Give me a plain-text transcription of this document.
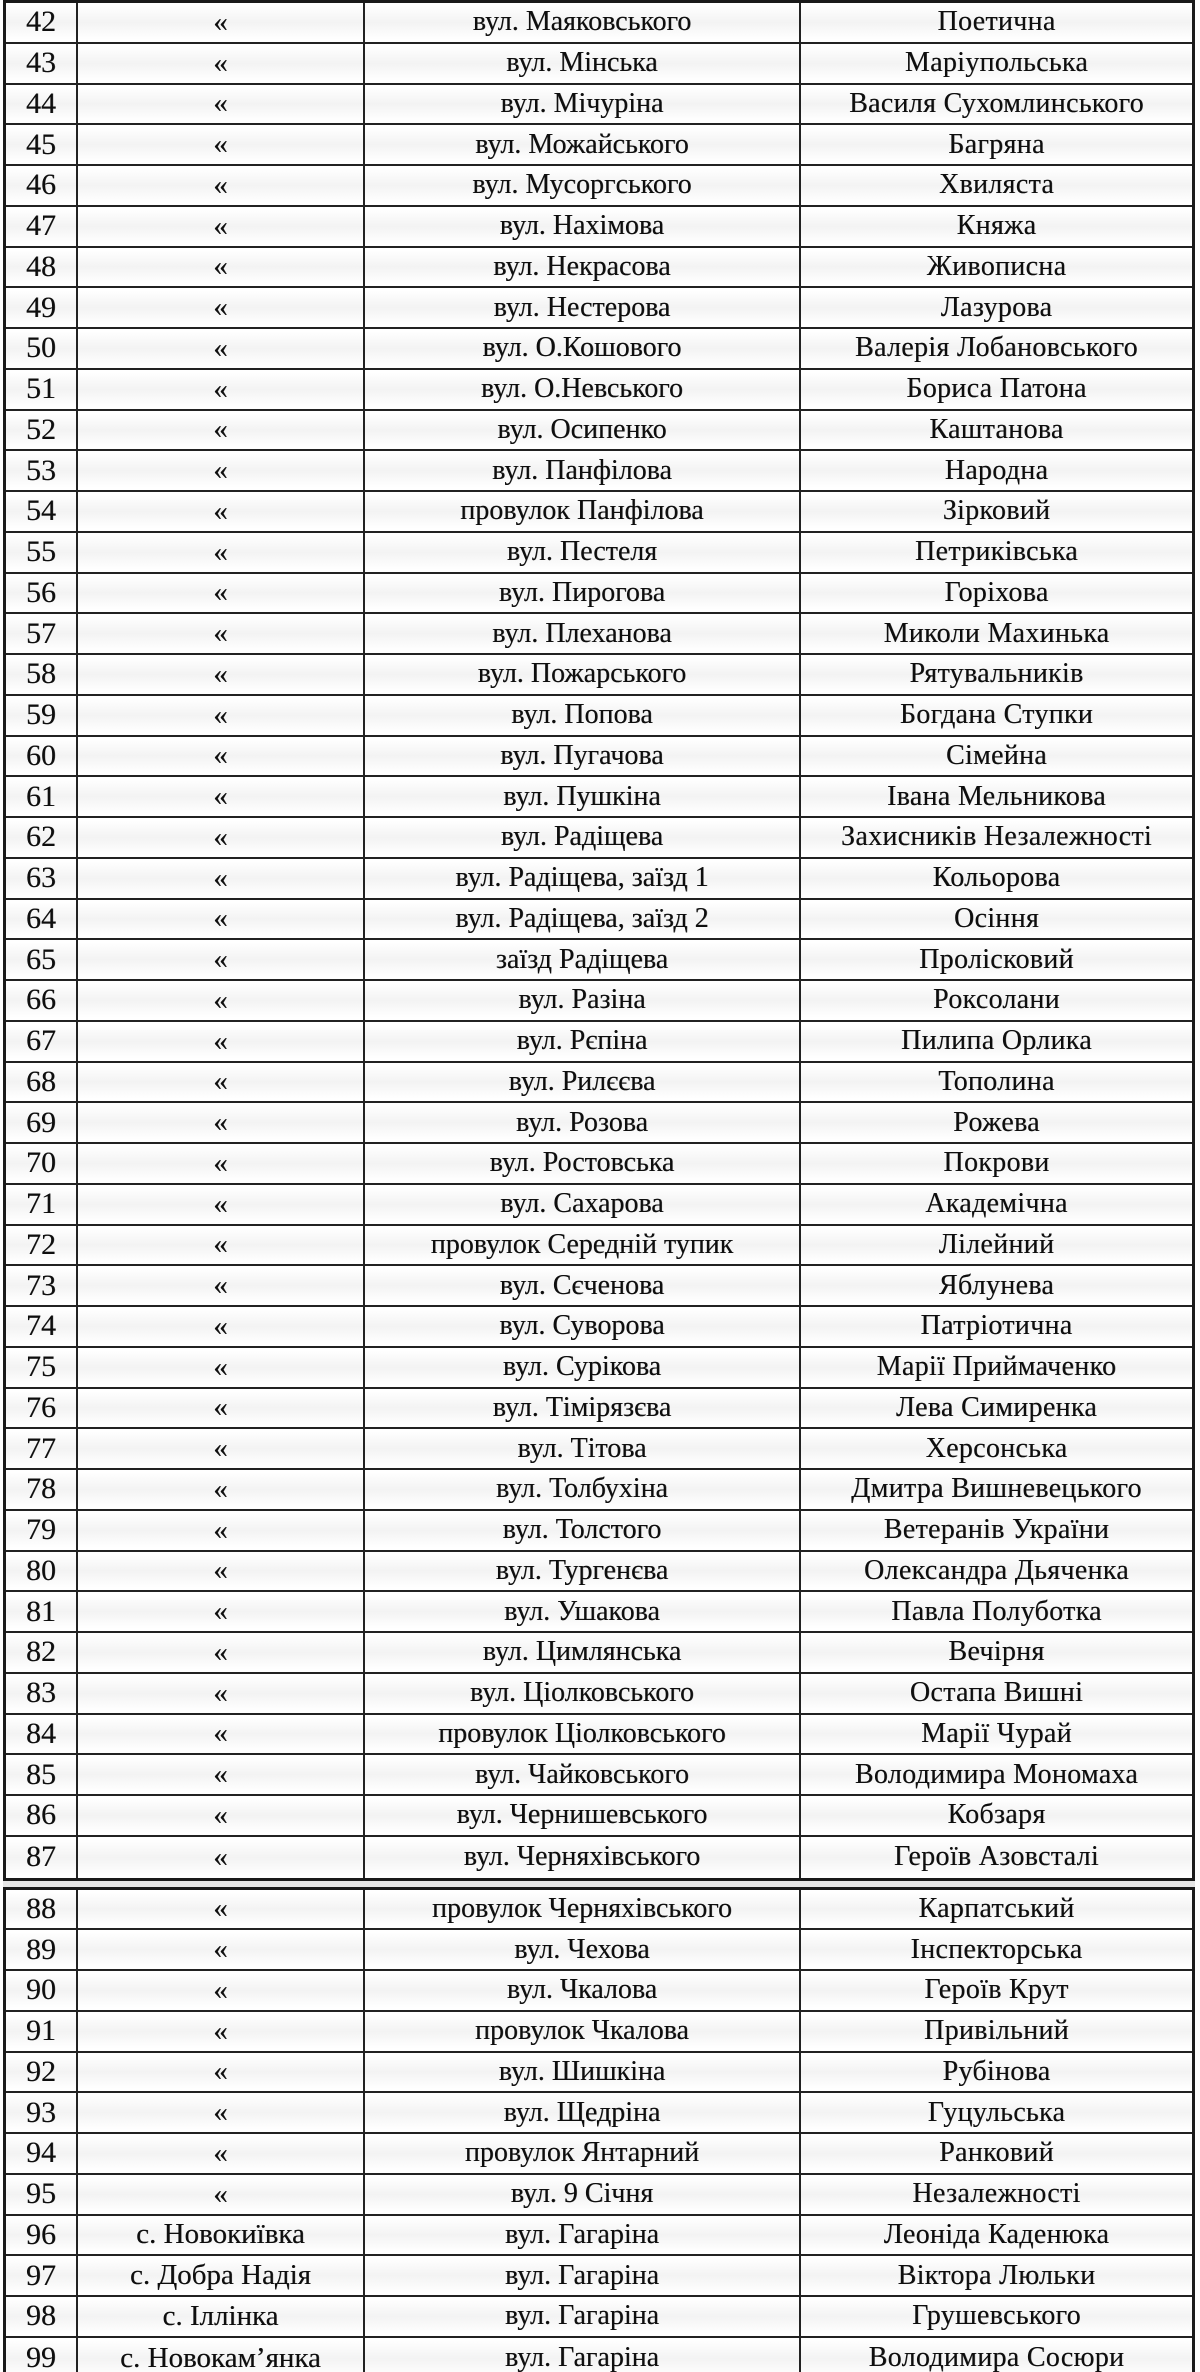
42	«	вул. Маяковського	Поетична
43	«	вул. Мінська	Маріупольська
44	«	вул. Мічуріна	Василя Сухомлинського
45	«	вул. Можайського	Багряна
46	«	вул. Мусоргського	Хвиляста
47	«	вул. Нахімова	Княжа
48	«	вул. Некрасова	Живописна
49	«	вул. Нестерова	Лазурова
50	«	вул. О.Кошового	Валерія Лобановського
51	«	вул. О.Невського	Бориса Патона
52	«	вул. Осипенко	Каштанова
53	«	вул. Панфілова	Народна
54	«	провулок Панфілова	Зірковий
55	«	вул. Пестеля	Петриківська
56	«	вул. Пирогова	Горіхова
57	«	вул. Плеханова	Миколи Махинька
58	«	вул. Пожарського	Рятувальників
59	«	вул. Попова	Богдана Ступки
60	«	вул. Пугачова	Сімейна
61	«	вул. Пушкіна	Івана Мельникова
62	«	вул. Радіщева	Захисників Незалежності
63	«	вул. Радіщева, заїзд 1	Кольорова
64	«	вул. Радіщева, заїзд 2	Осіння
65	«	заїзд Радіщева	Пролісковий
66	«	вул. Разіна	Роксолани
67	«	вул. Рєпіна	Пилипа Орлика
68	«	вул. Рилєєва	Тополина
69	«	вул. Розова	Рожева
70	«	вул. Ростовська	Покрови
71	«	вул. Сахарова	Академічна
72	«	провулок Середній тупик	Лілейний
73	«	вул. Сєченова	Яблунева
74	«	вул. Суворова	Патріотична
75	«	вул. Сурікова	Марії Приймаченко
76	«	вул. Тімірязєва	Лева Симиренка
77	«	вул. Тітова	Херсонська
78	«	вул. Толбухіна	Дмитра Вишневецького
79	«	вул. Толстого	Ветеранів України
80	«	вул. Тургенєва	Олександра Дьяченка
81	«	вул. Ушакова	Павла Полуботка
82	«	вул. Цимлянська	Вечірня
83	«	вул. Ціолковського	Остапа Вишні
84	«	провулок Ціолковського	Марії Чурай
85	«	вул. Чайковського	Володимира Мономаха
86	«	вул. Чернишевського	Кобзаря
87	«	вул. Черняхівського	Героїв Азовсталі
88	«	провулок Черняхівського	Карпатський
89	«	вул. Чехова	Інспекторська
90	«	вул. Чкалова	Героїв Крут
91	«	провулок Чкалова	Привільний
92	«	вул. Шишкіна	Рубінова
93	«	вул. Щедріна	Гуцульська
94	«	провулок Янтарний	Ранковий
95	«	вул. 9 Січня	Незалежності
96	с. Новокиївка	вул. Гагаріна	Леоніда Каденюка
97	с. Добра Надія	вул. Гагаріна	Віктора Люльки
98	с. Іллінка	вул. Гагаріна	Грушевського
99	с. Новокам’янка	вул. Гагаріна	Володимира Сосюри
